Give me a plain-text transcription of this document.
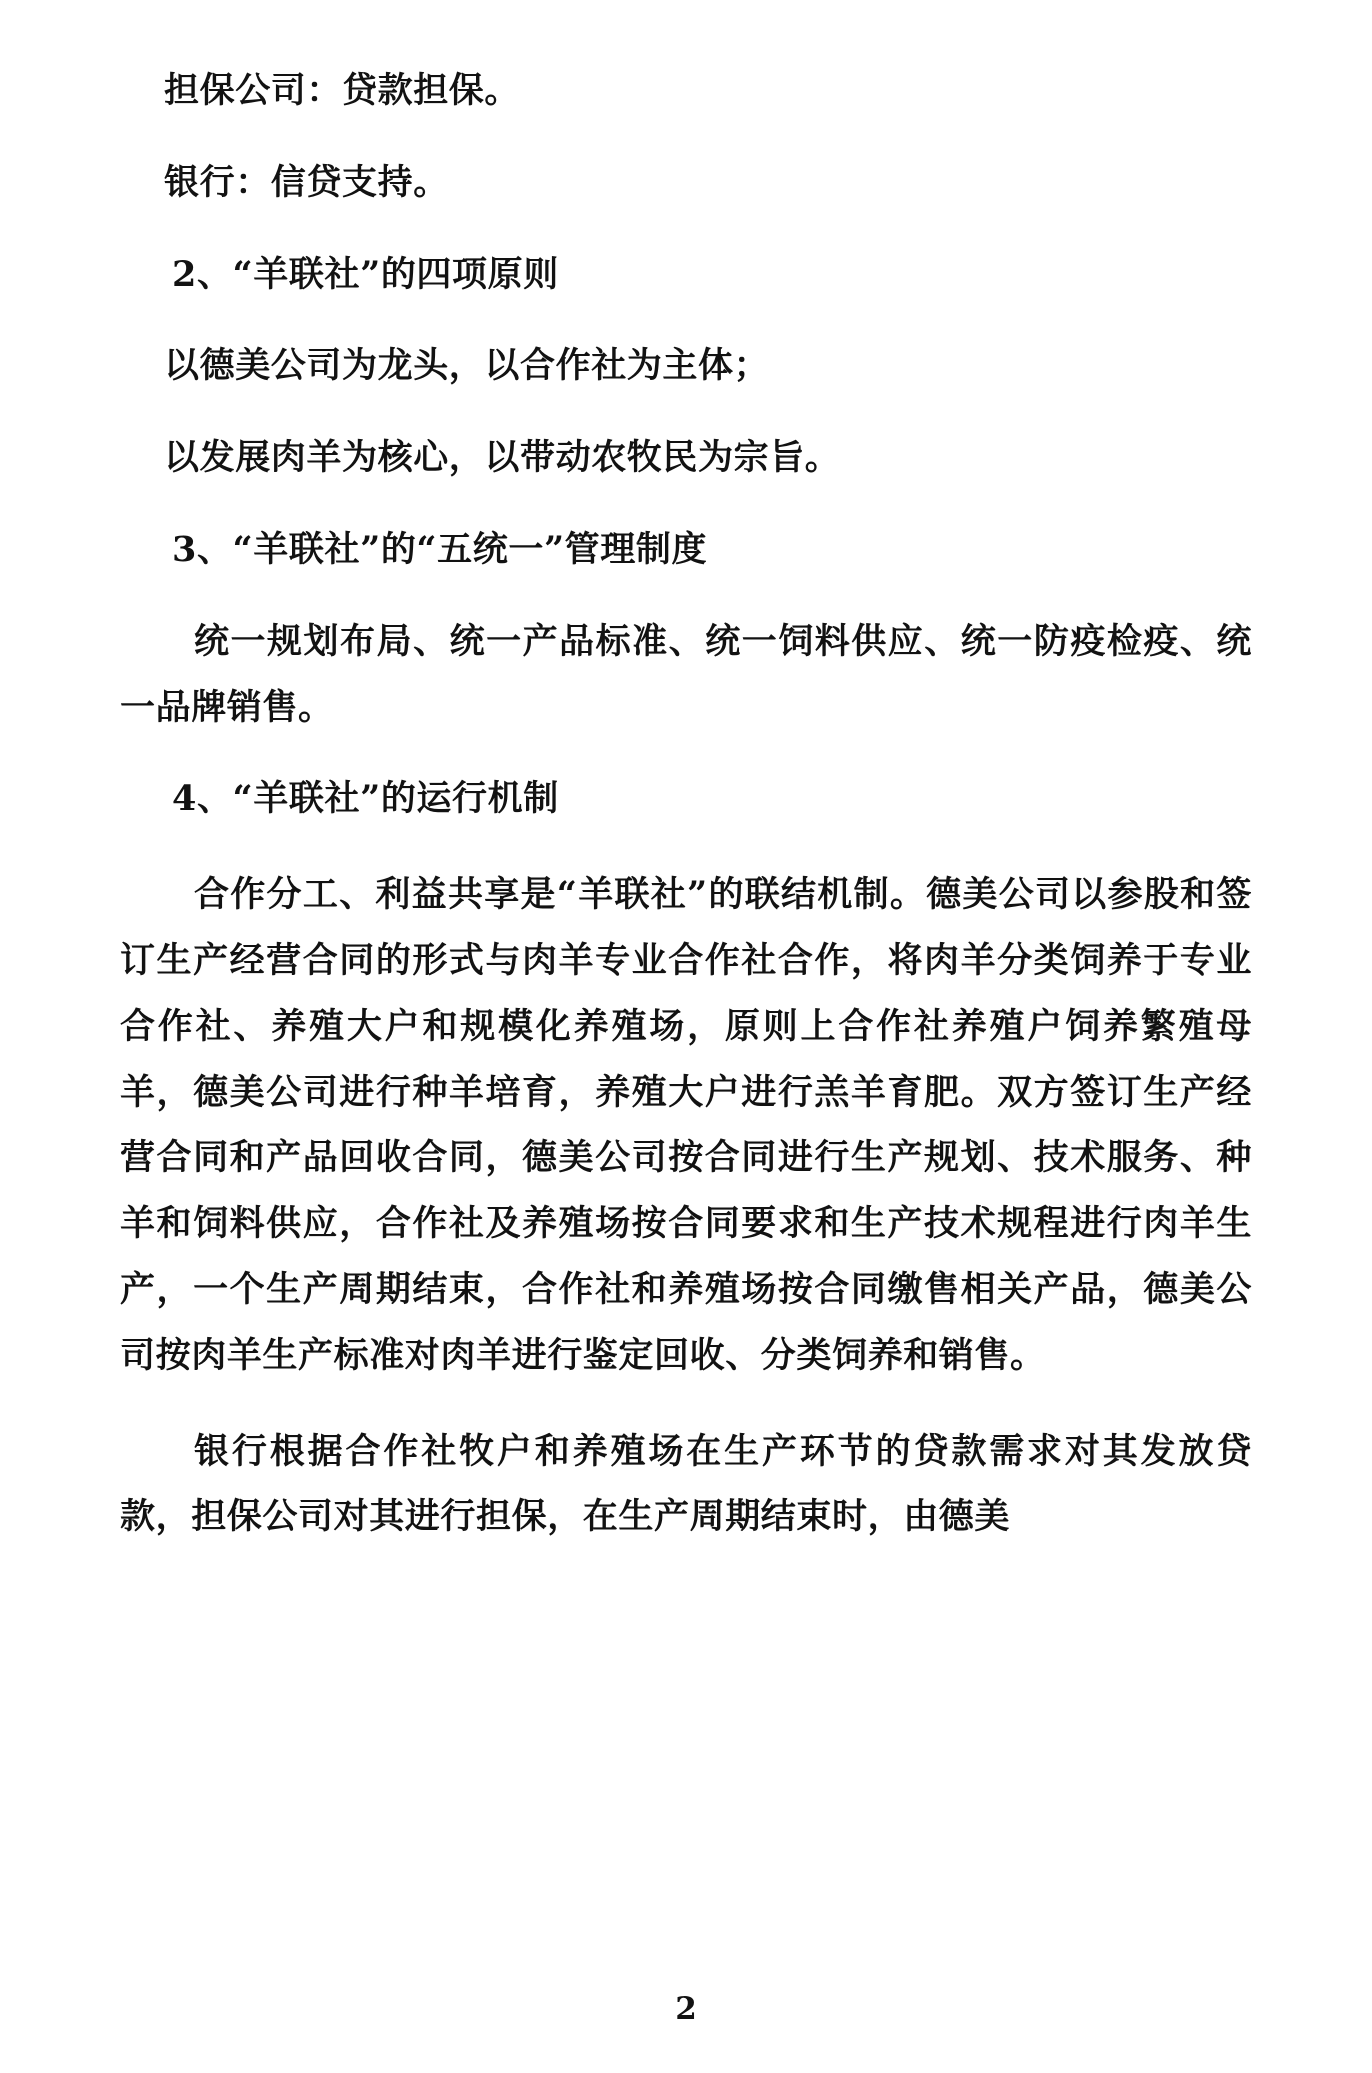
担保公司：贷款担保。

银行：信贷支持。

2、“羊联社”的四项原则

以德美公司为龙头，以合作社为主体；

以发展肉羊为核心，以带动农牧民为宗旨。

3、“羊联社”的“五统一”管理制度

统一规划布局、统一产品标准、统一饲料供应、统一防疫检疫、统一品牌销售。

4、“羊联社”的运行机制

合作分工、利益共享是“羊联社”的联结机制。德美公司以参股和签订生产经营合同的形式与肉羊专业合作社合作，将肉羊分类饲养于专业合作社、养殖大户和规模化养殖场，原则上合作社养殖户饲养繁殖母羊，德美公司进行种羊培育，养殖大户进行羔羊育肥。双方签订生产经营合同和产品回收合同，德美公司按合同进行生产规划、技术服务、种羊和饲料供应，合作社及养殖场按合同要求和生产技术规程进行肉羊生产，一个生产周期结束，合作社和养殖场按合同缴售相关产品，德美公司按肉羊生产标准对肉羊进行鉴定回收、分类饲养和销售。

银行根据合作社牧户和养殖场在生产环节的贷款需求对其发放贷款，担保公司对其进行担保，在生产周期结束时，由德美

2
